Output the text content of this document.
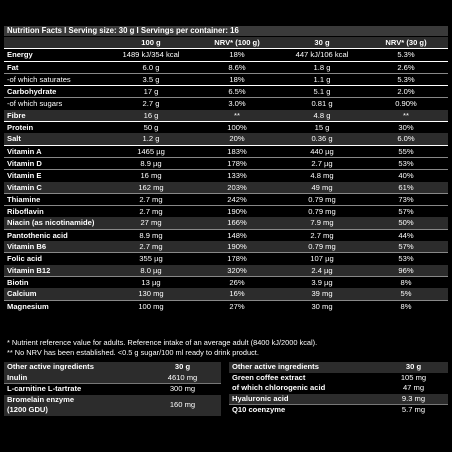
Nutrition Facts I Serving size: 30 g I Servings per container: 16
	100 g	NRV* (100 g)	30 g	NRV* (30 g)
Energy	1489 kJ/354 kcal	18%	447 kJ/106 kcal	5.3%
Fat	6.0 g	8.6%	1.8 g	2.6%
-of which saturates	3.5 g	18%	1.1 g	5.3%
Carbohydrate	17 g	6.5%	5.1 g	2.0%
-of which sugars	2.7 g	3.0%	0.81 g	0.90%
Fibre	16 g	**	4.8 g	**
Protein	50 g	100%	15 g	30%
Salt	1.2 g	20%	0.36 g	6.0%
Vitamin A	1465 µg	183%	440 µg	55%
Vitamin D	8.9 µg	178%	2.7 µg	53%
Vitamin E	16 mg	133%	4.8 mg	40%
Vitamin C	162 mg	203%	49 mg	61%
Thiamine	2.7 mg	242%	0.79 mg	73%
Riboflavin	2.7 mg	190%	0.79 mg	57%
Niacin (as nicotinamide)	27 mg	166%	7.9 mg	50%
Pantothenic acid	8.9 mg	148%	2.7 mg	44%
Vitamin B6	2.7 mg	190%	0.79 mg	57%
Folic acid	355 µg	178%	107 µg	53%
Vitamin B12	8.0 µg	320%	2.4 µg	96%
Biotin	13 µg	26%	3.9 µg	8%
Calcium	130 mg	16%	39 mg	5%
Magnesium	100 mg	27%	30 mg	8%
* Nutrient reference value for adults. Reference intake of an average adult (8400 kJ/2000 kcal).
** No NRV has been established. <0.5 g sugar/100 ml ready to drink product.
Other active ingredients	30 g
Inulin	4610 mg
L-carnitine L-tartrate	300 mg

Bromelain enzyme
(1200 GDU)	160 mg
Other active ingredients	30 g
Green coffee extract	105 mg
of which chlorogenic acid	47 mg
Hyaluronic acid	9.3 mg
Q10 coenzyme	5.7 mg
